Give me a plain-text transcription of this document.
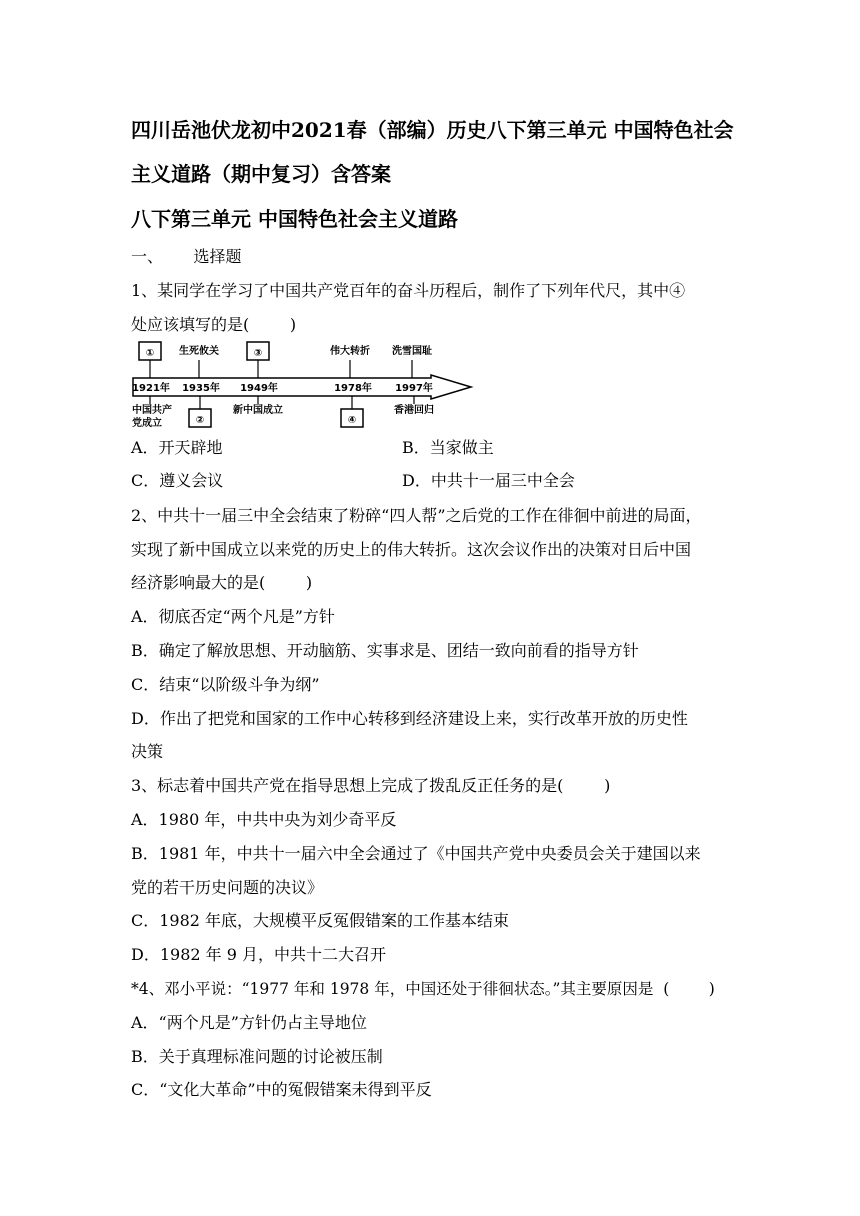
四川岳池伏龙初中2021春（部编）历史八下第三单元 中国特色社会
主义道路（期中复习）含答案
八下第三单元 中国特色社会主义道路
一、      选择题
1、某同学在学习了中国共产党百年的奋斗历程后，制作了下列年代尺，其中④
处应该填写的是(        )
① 生死攸关	③	伟大转折 洗雪国耻
1921年 1935年 1949年	1978年 1997年
中国共产
党成立	②
新中国成立
④
香港回归
A．开天辟地	B．当家做主
C．遵义会议	D．中共十一届三中全会
2、中共十一届三中全会结束了粉碎“四人帮”之后党的工作在徘徊中前进的局面，
实现了新中国成立以来党的历史上的伟大转折。这次会议作出的决策对日后中国
经济影响最大的是(        )
A．彻底否定“两个凡是”方针
B．确定了解放思想、开动脑筋、实事求是、团结一致向前看的指导方针
C．结束“以阶级斗争为纲”
D．作出了把党和国家的工作中心转移到经济建设上来，实行改革开放的历史性
决策
3、标志着中国共产党在指导思想上完成了拨乱反正任务的是(        )
A．1980 年，中共中央为刘少奇平反
B．1981 年，中共十一届六中全会通过了《中国共产党中央委员会关于建国以来
党的若干历史问题的决议》
C．1982 年底，大规模平反冤假错案的工作基本结束
D．1982 年 9 月，中共十二大召开
*4、邓小平说：“1977 年和 1978 年，中国还处于徘徊状态。”其主要原因是  (        )
A．“两个凡是”方针仍占主导地位
B．关于真理标准问题的讨论被压制
C．“文化大革命”中的冤假错案未得到平反
